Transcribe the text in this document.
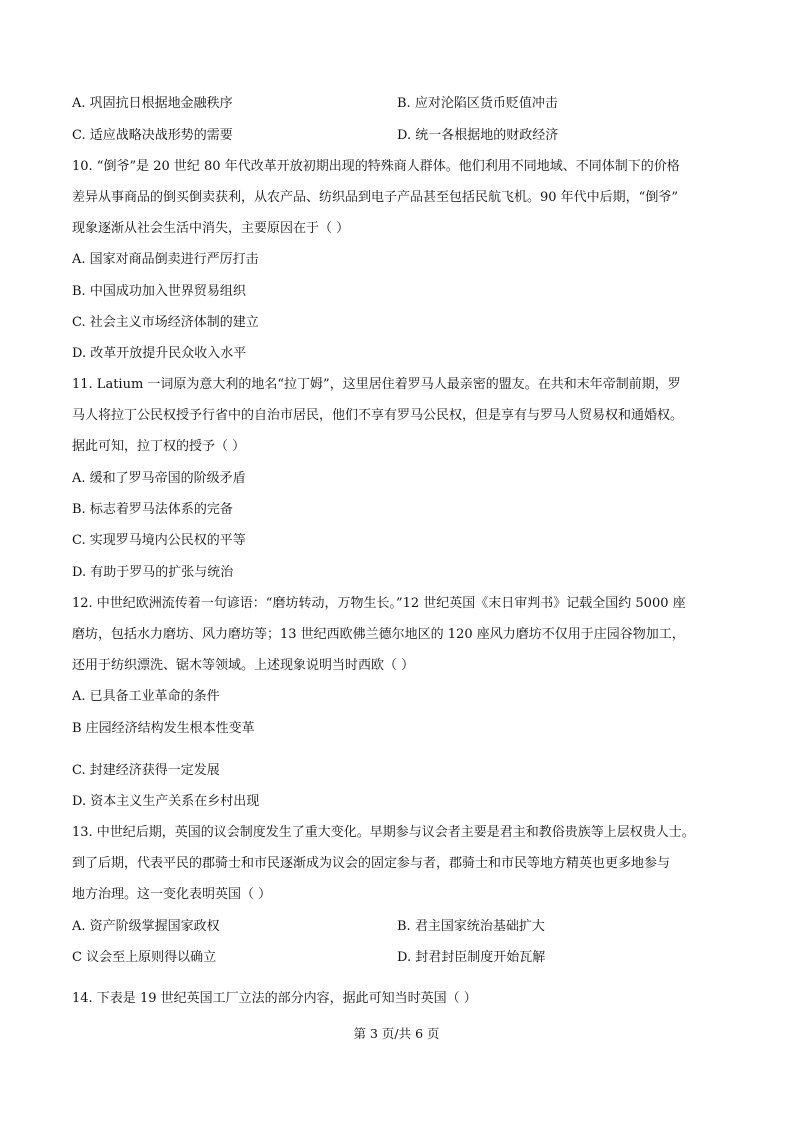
A. 巩固抗日根据地金融秩序	B. 应对沦陷区货币贬值冲击
C. 适应战略决战形势的需要	D. 统一各根据地的财政经济
10. “倒爷”是 20 世纪 80 年代改革开放初期出现的特殊商人群体。他们利用不同地域、不同体制下的价格
差异从事商品的倒买倒卖获利，从农产品、纺织品到电子产品甚至包括民航飞机。90 年代中后期，“倒爷”
现象逐渐从社会生活中消失，主要原因在于（ ）
A. 国家对商品倒卖进行严厉打击
B. 中国成功加入世界贸易组织
C. 社会主义市场经济体制的建立
D. 改革开放提升民众收入水平
11. Latium 一词原为意大利的地名“拉丁姆”，这里居住着罗马人最亲密的盟友。在共和末年帝制前期，罗
马人将拉丁公民权授予行省中的自治市居民，他们不享有罗马公民权，但是享有与罗马人贸易权和通婚权。
据此可知，拉丁权的授予（ ）
A. 缓和了罗马帝国的阶级矛盾
B. 标志着罗马法体系的完备
C. 实现罗马境内公民权的平等
D. 有助于罗马的扩张与统治
12. 中世纪欧洲流传着一句谚语：“磨坊转动，万物生长。”12 世纪英国《末日审判书》记载全国约 5000 座
磨坊，包括水力磨坊、风力磨坊等；13 世纪西欧佛兰德尔地区的 120 座风力磨坊不仅用于庄园谷物加工，
还用于纺织漂洗、锯木等领域。上述现象说明当时西欧（ ）
A. 已具备工业革命的条件
B 庄园经济结构发生根本性变革
C. 封建经济获得一定发展
D. 资本主义生产关系在乡村出现
13. 中世纪后期，英国的议会制度发生了重大变化。早期参与议会者主要是君主和教俗贵族等上层权贵人士。
到了后期，代表平民的郡骑士和市民逐渐成为议会的固定参与者，郡骑士和市民等地方精英也更多地参与
地方治理。这一变化表明英国（ ）
A. 资产阶级掌握国家政权	B. 君主国家统治基础扩大
C 议会至上原则得以确立	D. 封君封臣制度开始瓦解
14. 下表是 19 世纪英国工厂立法的部分内容，据此可知当时英国（ ）
第 3 页/共 6 页
